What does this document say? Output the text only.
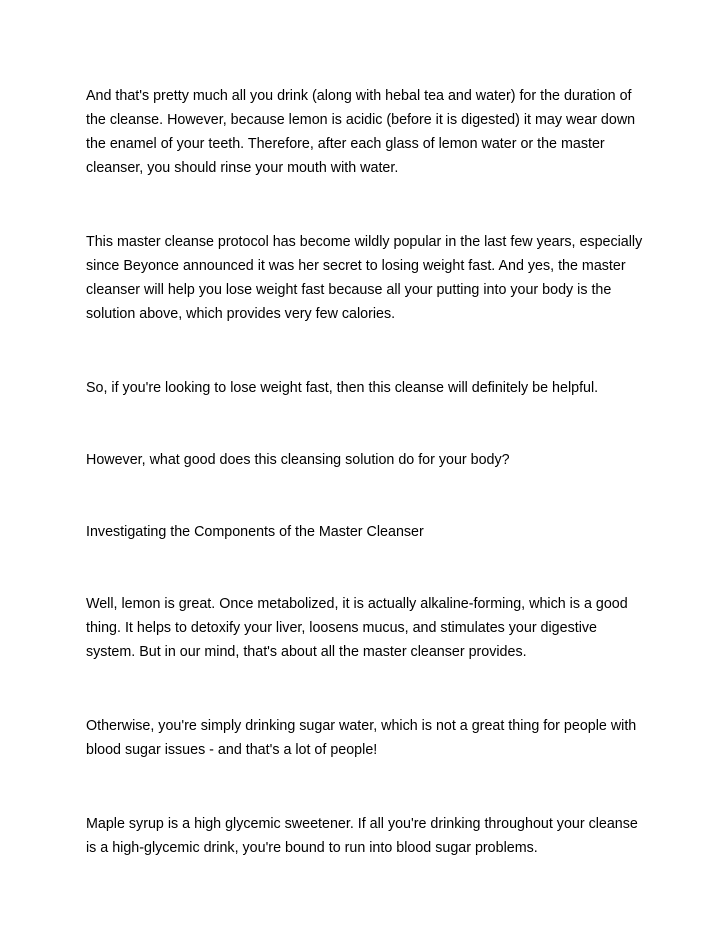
And that's pretty much all you drink (along with hebal tea and water) for the duration of the cleanse. However, because lemon is acidic (before it is digested) it may wear down the enamel of your teeth. Therefore, after each glass of lemon water or the master cleanser, you should rinse your mouth with water.

This master cleanse protocol has become wildly popular in the last few years, especially since Beyonce announced it was her secret to losing weight fast. And yes, the master cleanser will help you lose weight fast because all your putting into your body is the solution above, which provides very few calories.

So, if you're looking to lose weight fast, then this cleanse will definitely be helpful.

However, what good does this cleansing solution do for your body?

Investigating the Components of the Master Cleanser

Well, lemon is great. Once metabolized, it is actually alkaline-forming, which is a good thing. It helps to detoxify your liver, loosens mucus, and stimulates your digestive system. But in our mind, that's about all the master cleanser provides.

Otherwise, you're simply drinking sugar water, which is not a great thing for people with blood sugar issues - and that's a lot of people!

Maple syrup is a high glycemic sweetener. If all you're drinking throughout your cleanse is a high-glycemic drink, you're bound to run into blood sugar problems.
